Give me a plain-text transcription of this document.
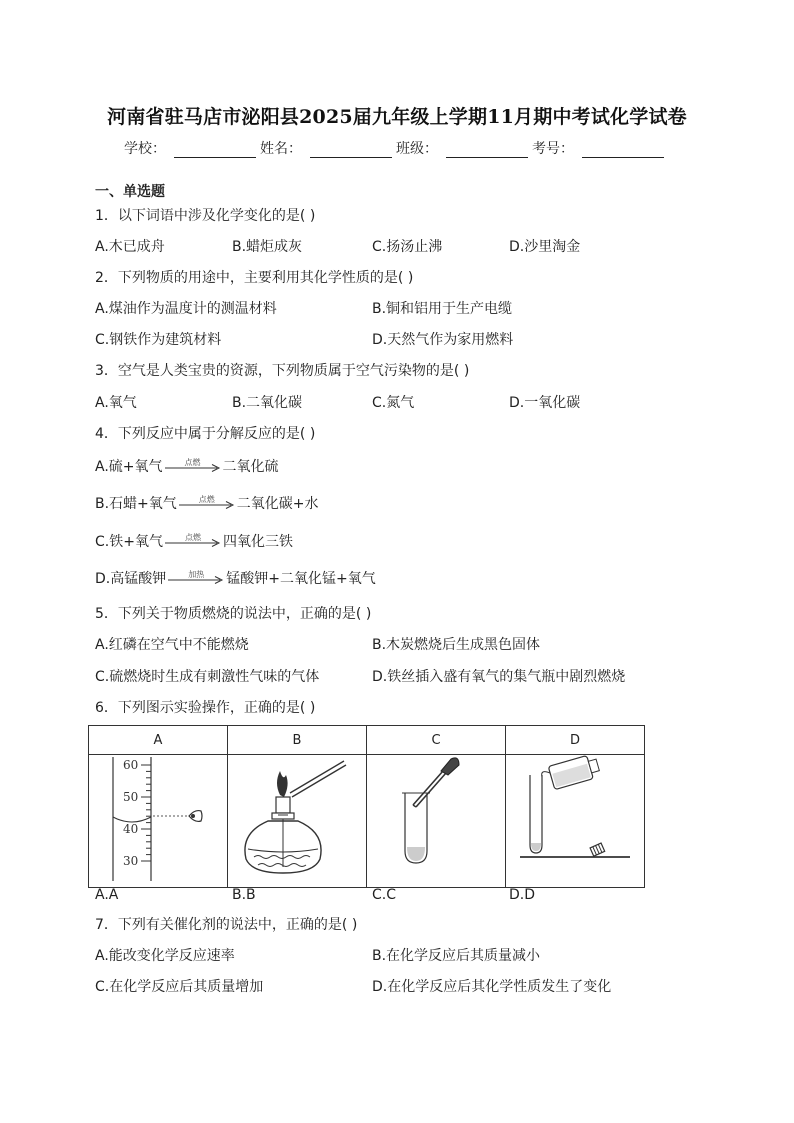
河南省驻马店市泌阳县2025届九年级上学期11月期中考试化学试卷
学校：	姓名：	班级：	考号：
一、单选题
1．以下词语中涉及化学变化的是( )
A.木已成舟	B.蜡炬成灰	C.扬汤止沸	D.沙里淘金
2．下列物质的用途中，主要利用其化学性质的是( )
A.煤油作为温度计的测温材料	B.铜和铝用于生产电缆
C.钢铁作为建筑材料	D.天然气作为家用燃料
3．空气是人类宝贵的资源，下列物质属于空气污染物的是( )
A.氧气	B.二氧化碳	C.氮气	D.一氧化碳
4．下列反应中属于分解反应的是( )
A.硫+氧气	点燃	二氧化硫
B.石蜡+氧气	点燃	二氧化碳+水
C.铁+氧气	点燃	四氧化三铁
D.高锰酸钾	加热	锰酸钾+二氧化锰+氧气
5．下列关于物质燃烧的说法中，正确的是( )
A.红磷在空气中不能燃烧	B.木炭燃烧后生成黑色固体
C.硫燃烧时生成有刺激性气味的气体	D.铁丝插入盛有氧气的集气瓶中剧烈燃烧
6．下列图示实验操作，正确的是( )
A	B	C	D

60
50
40
30

A.A	B.B	C.C	D.D
7．下列有关催化剂的说法中，正确的是( )
A.能改变化学反应速率	B.在化学反应后其质量减小
C.在化学反应后其质量增加	D.在化学反应后其化学性质发生了变化
